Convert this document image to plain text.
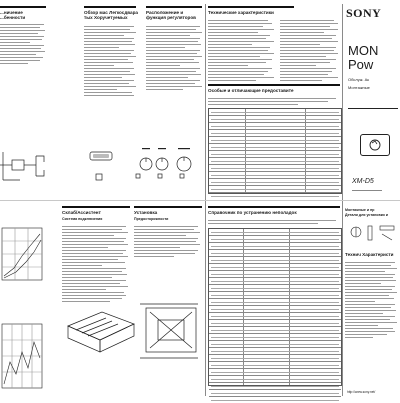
...ничение
...бенности
Обзор мас Легкосдвара
тых Хоручетуемых
Расположение и
функция регуляторов
Технические характеристики
Особые и отличающие предоставите
SONY
MON
Pow
Обслуж. Ак
Монтажные
XM-D5
Склаб/Ассистент
Система подключения
Установка
Предосторожности
Справочник по устранению неполадок	Монтажные и пр
Детали для установки и
Технич Характеристи
http://www.sony.net/
